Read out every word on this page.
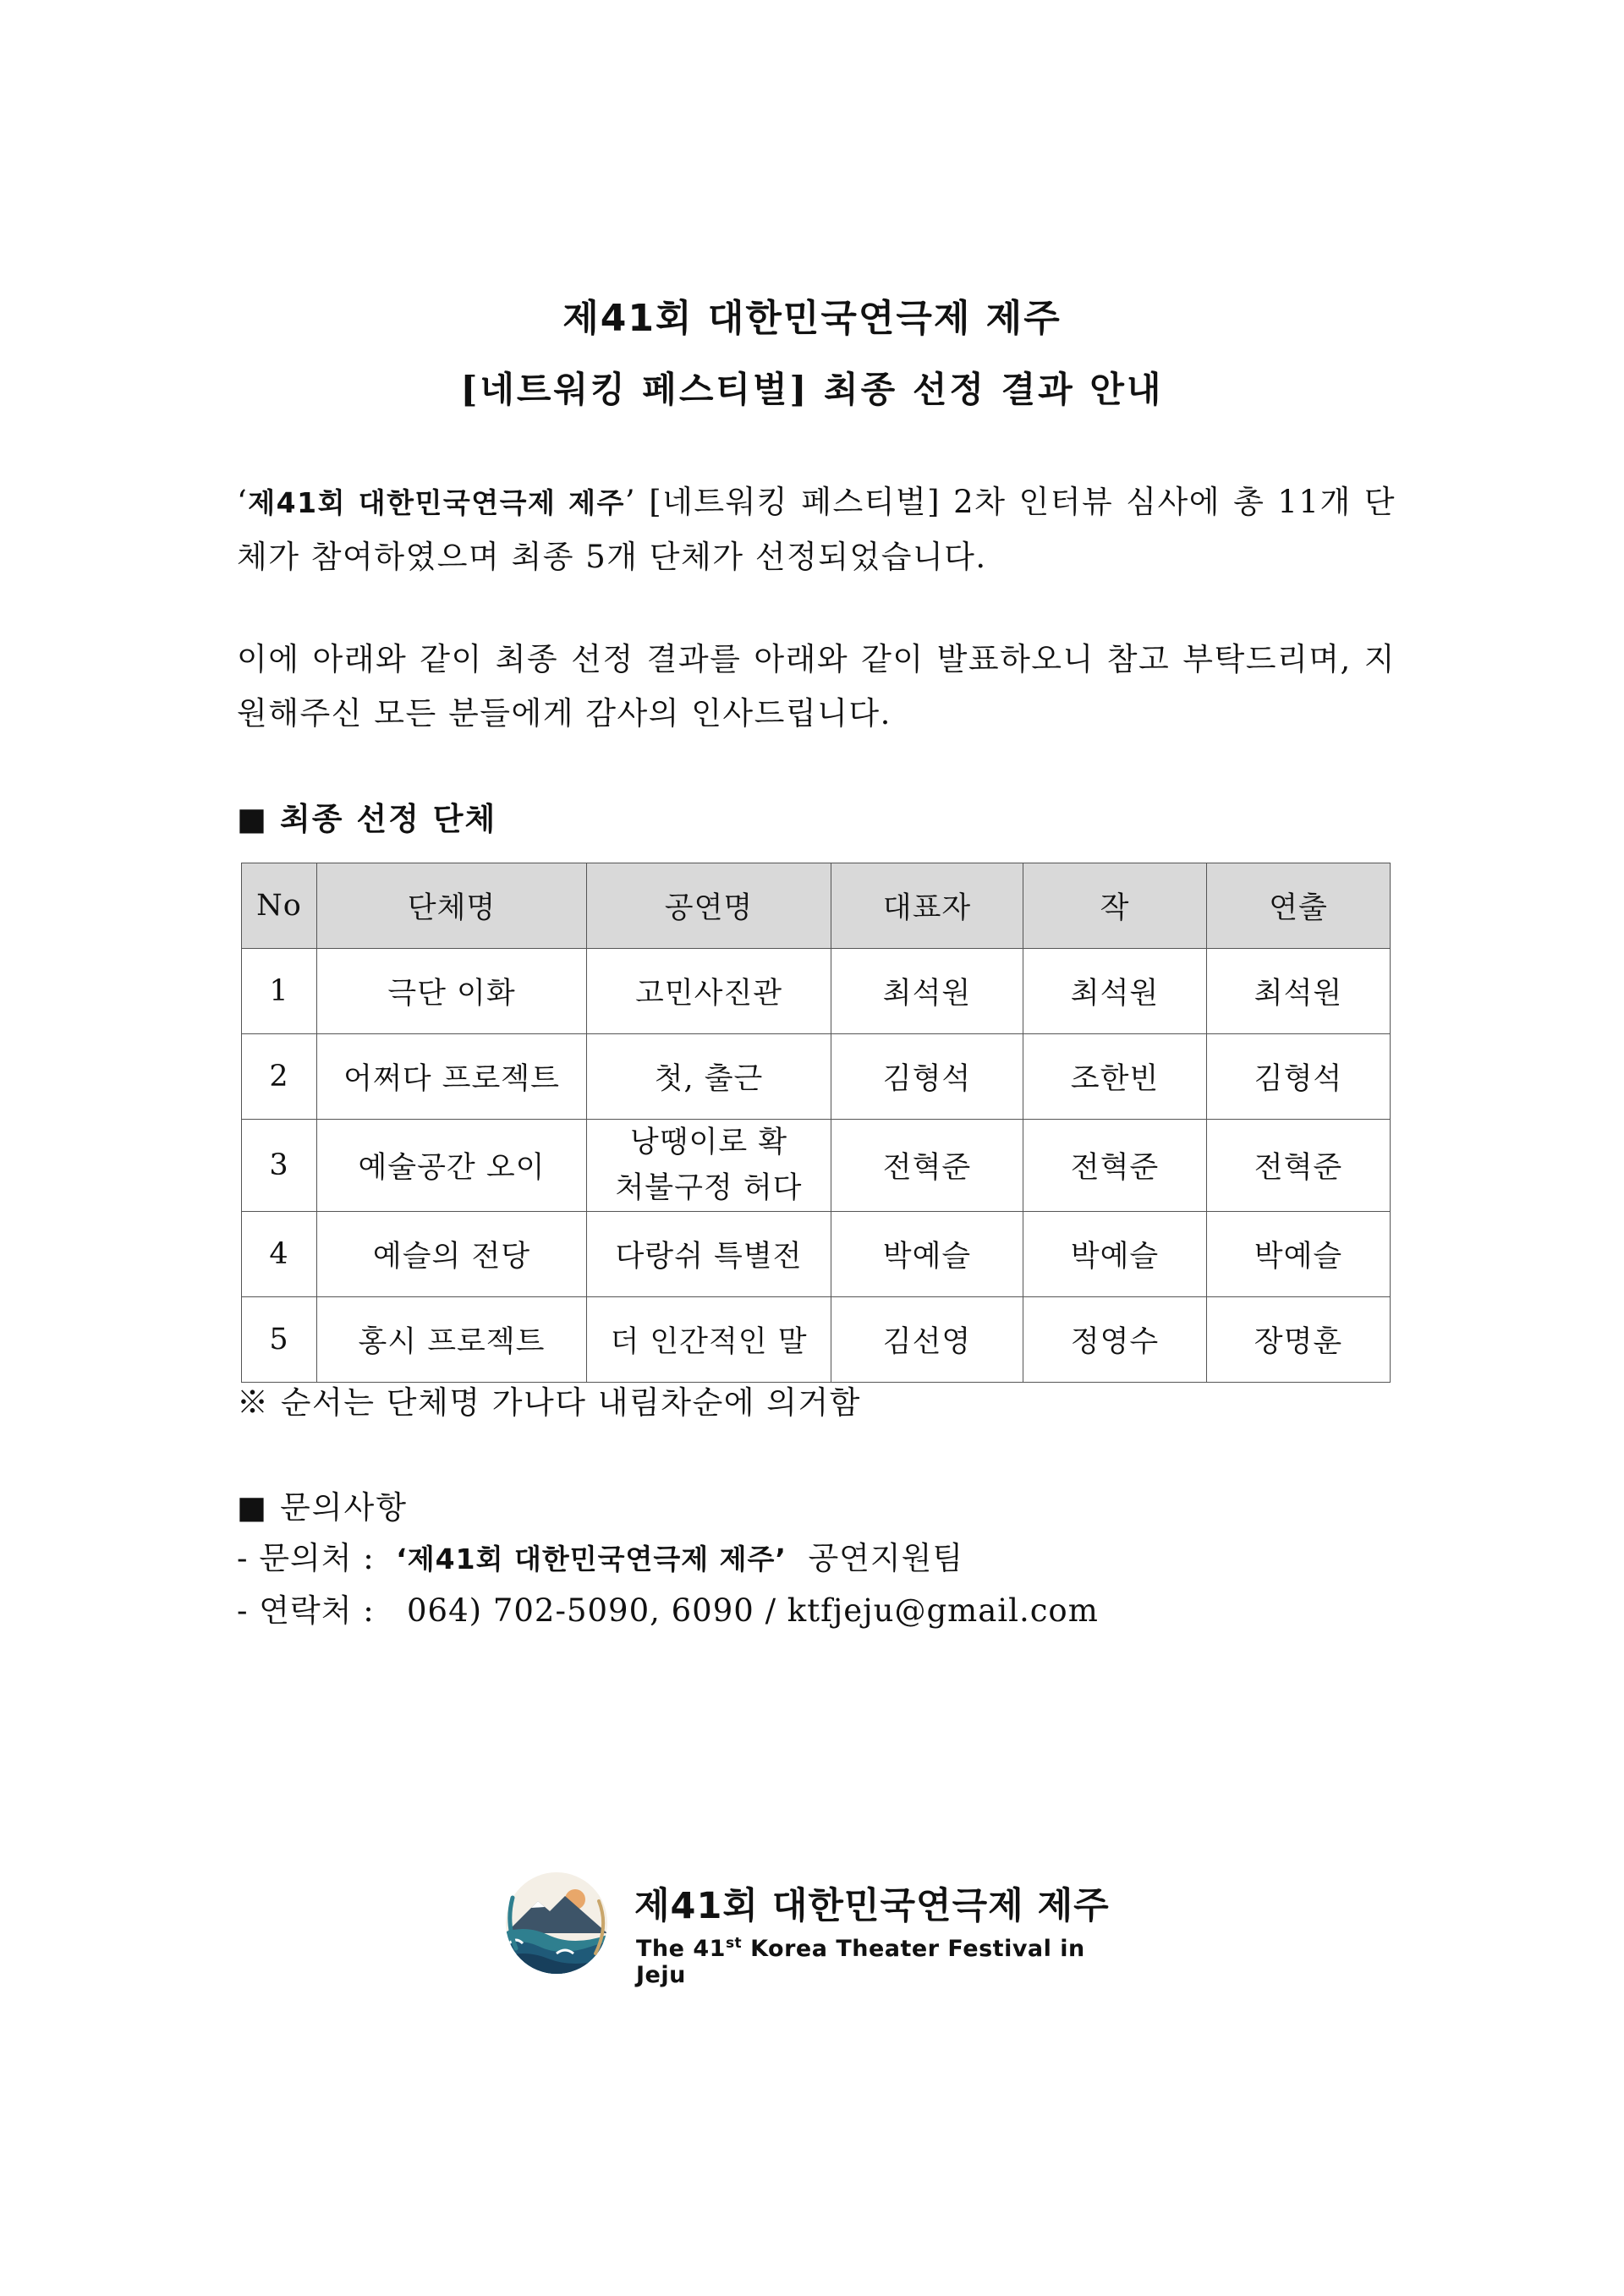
제41회 대한민국연극제 제주
[네트워킹 페스티벌] 최종 선정 결과 안내
‘제41회 대한민국연극제 제주’ [네트워킹 페스티벌] 2차 인터뷰 심사에 총 11개 단체가 참여하였으며 최종 5개 단체가 선정되었습니다.
이에 아래와 같이 최종 선정 결과를 아래와 같이 발표하오니 참고 부탁드리며, 지원해주신 모든 분들에게 감사의 인사드립니다.
■ 최종 선정 단체
No	단체명	공연명	대표자	작	연출
1	극단 이화	고민사진관	최석원	최석원	최석원
2	어쩌다 프로젝트	첫, 출근	김형석	조한빈	김형석
3	예술공간 오이	낭땡이로 확
처불구정 허다	전혁준	전혁준	전혁준
4	예슬의 전당	다랑쉬 특별전	박예슬	박예슬	박예슬
5	홍시 프로젝트	더 인간적인 말	김선영	정영수	장명훈
※ 순서는 단체명 가나다 내림차순에 의거함
■ 문의사항
- 문의처 : ‘제41회 대한민국연극제 제주’ 공연지원팀
- 연락처 : 064) 702-5090, 6090 / ktfjeju@gmail.com
제41회 대한민국연극제 제주
The 41st Korea Theater Festival in Jeju
